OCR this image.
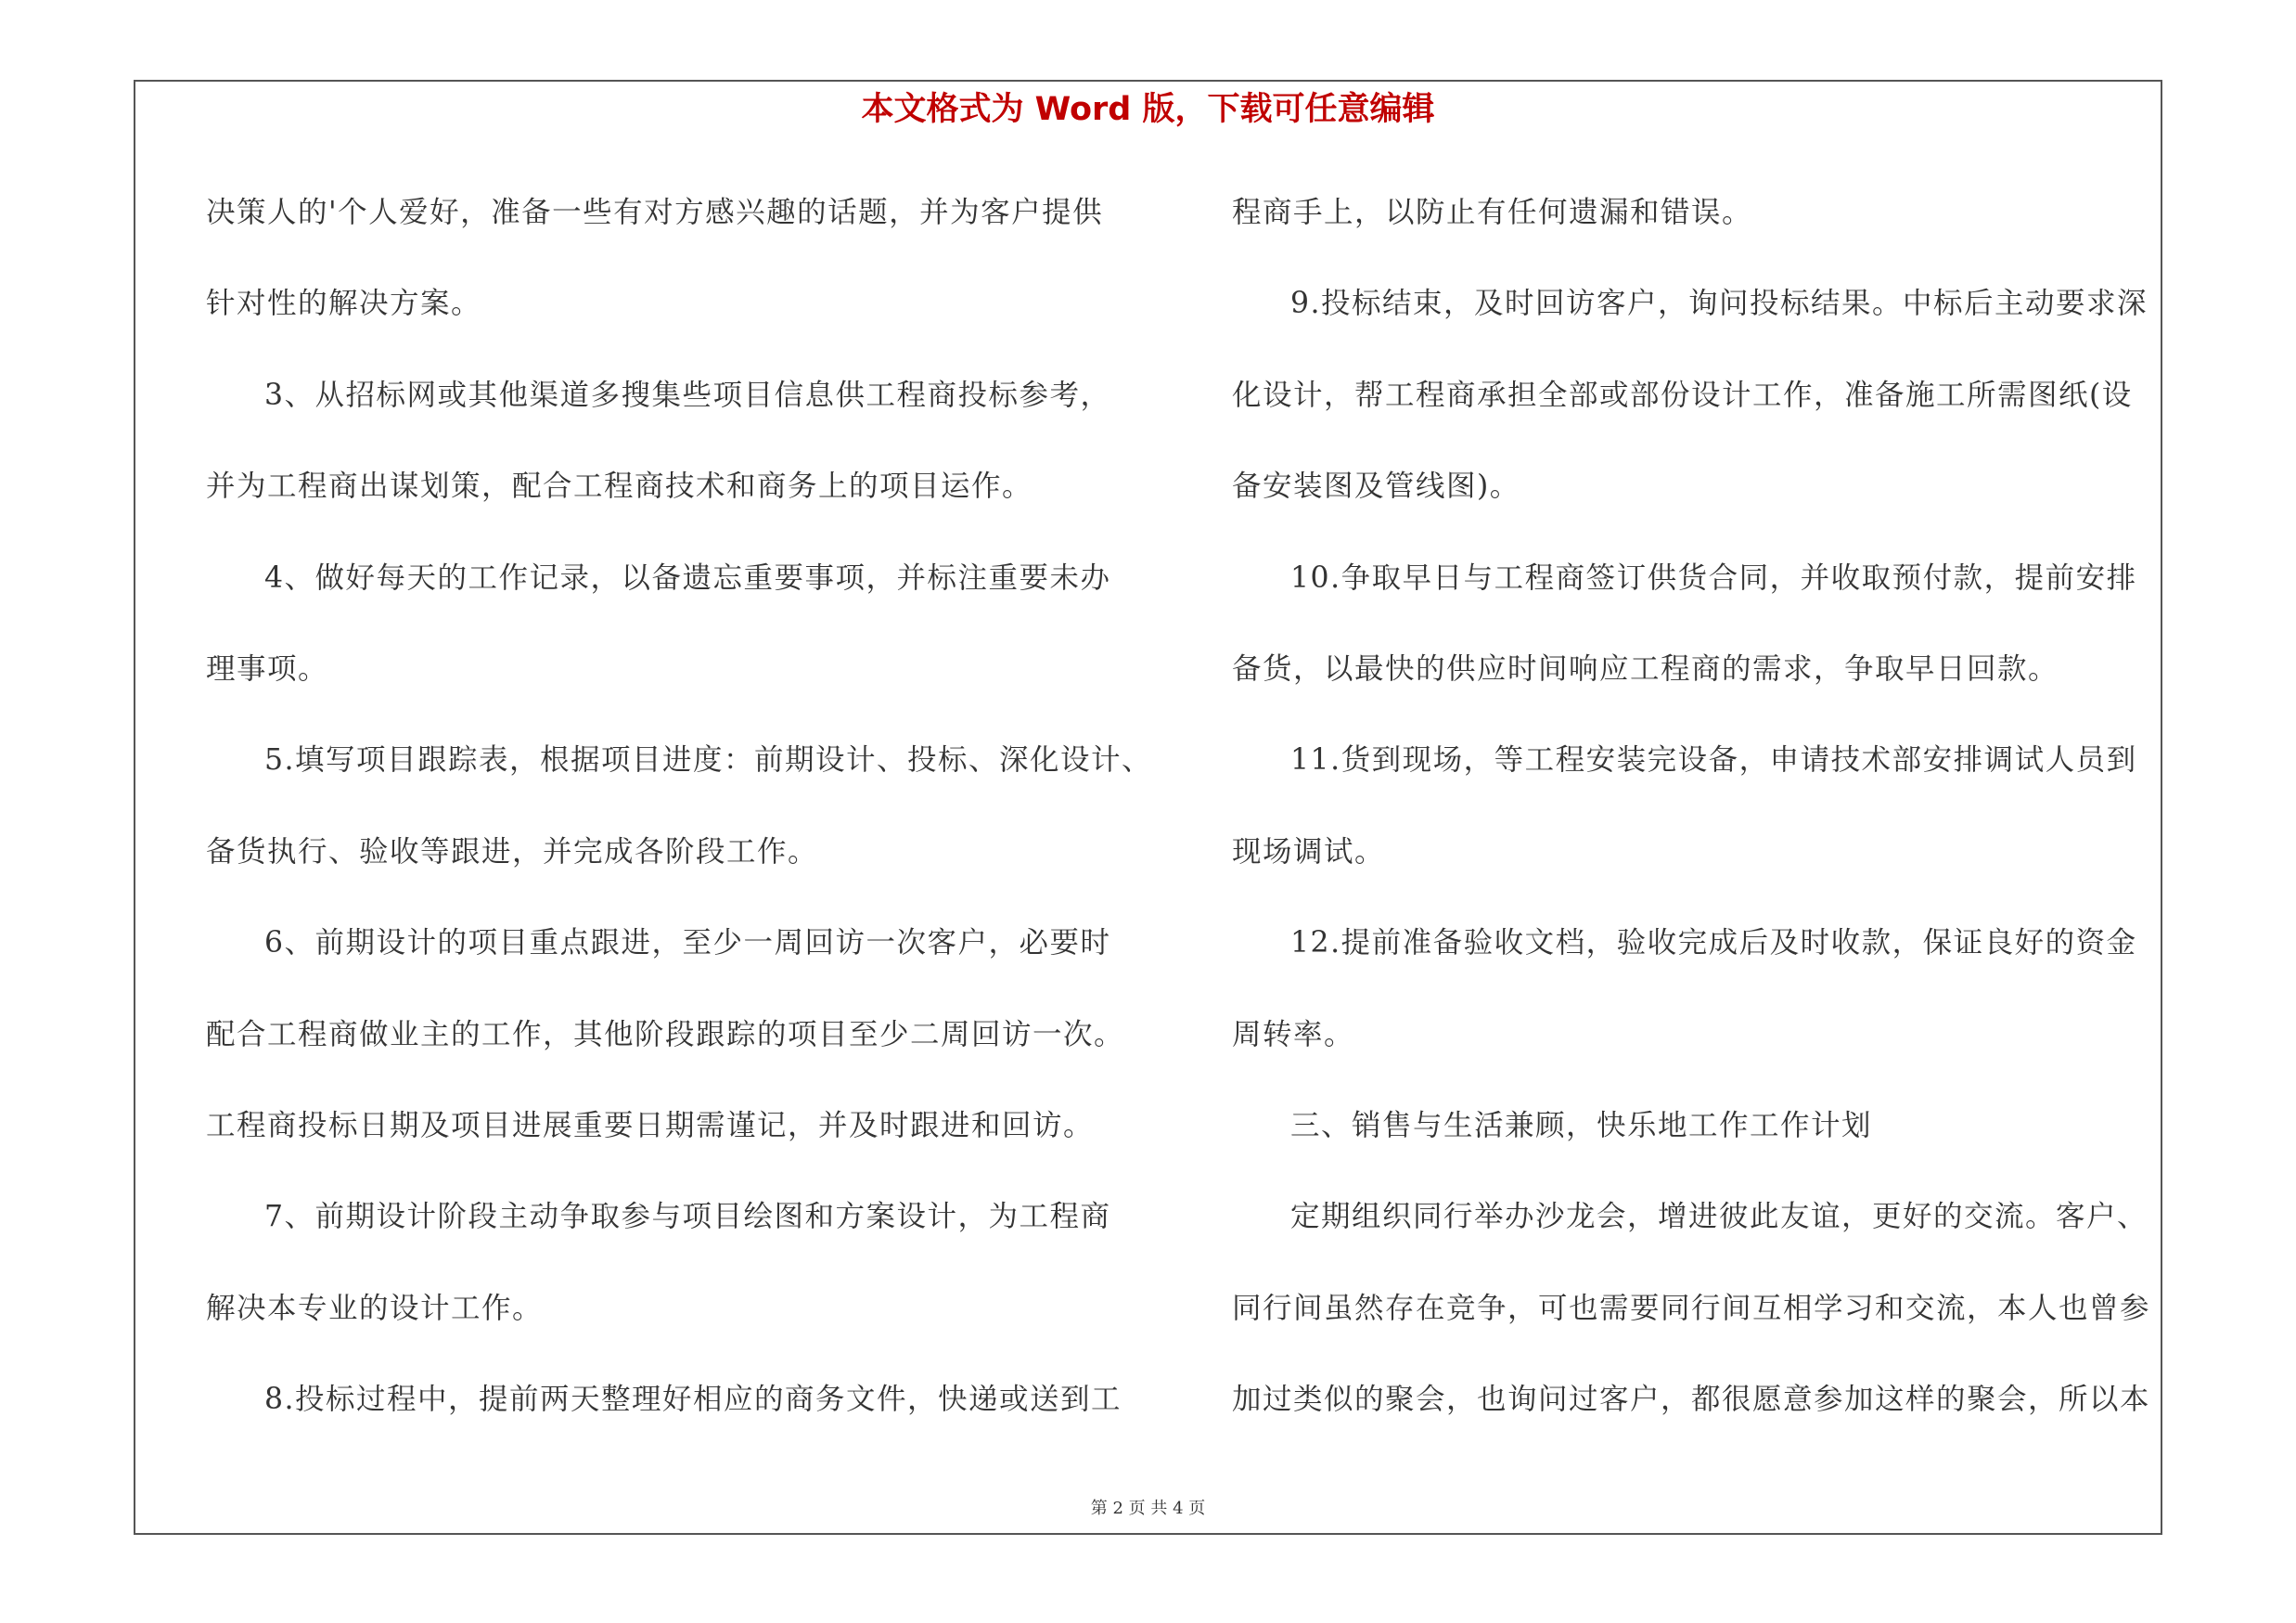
本文格式为 Word 版，下载可任意编辑
决策人的'个人爱好，准备一些有对方感兴趣的话题，并为客户提供
针对性的解决方案。
3、从招标网或其他渠道多搜集些项目信息供工程商投标参考，
并为工程商出谋划策，配合工程商技术和商务上的项目运作。
4、做好每天的工作记录，以备遗忘重要事项，并标注重要未办
理事项。
5.填写项目跟踪表，根据项目进度：前期设计、投标、深化设计、
备货执行、验收等跟进，并完成各阶段工作。
6、前期设计的项目重点跟进，至少一周回访一次客户，必要时
配合工程商做业主的工作，其他阶段跟踪的项目至少二周回访一次。
工程商投标日期及项目进展重要日期需谨记，并及时跟进和回访。
7、前期设计阶段主动争取参与项目绘图和方案设计，为工程商
解决本专业的设计工作。
8.投标过程中，提前两天整理好相应的商务文件，快递或送到工
程商手上，以防止有任何遗漏和错误。
9.投标结束，及时回访客户，询问投标结果。中标后主动要求深
化设计，帮工程商承担全部或部份设计工作，准备施工所需图纸(设
备安装图及管线图)。
10.争取早日与工程商签订供货合同，并收取预付款，提前安排
备货，以最快的供应时间响应工程商的需求，争取早日回款。
11.货到现场，等工程安装完设备，申请技术部安排调试人员到
现场调试。
12.提前准备验收文档，验收完成后及时收款，保证良好的资金
周转率。
三、销售与生活兼顾，快乐地工作工作计划
定期组织同行举办沙龙会，增进彼此友谊，更好的交流。客户、
同行间虽然存在竞争，可也需要同行间互相学习和交流，本人也曾参
加过类似的聚会，也询问过客户，都很愿意参加这样的聚会，所以本
第 2 页 共 4 页
